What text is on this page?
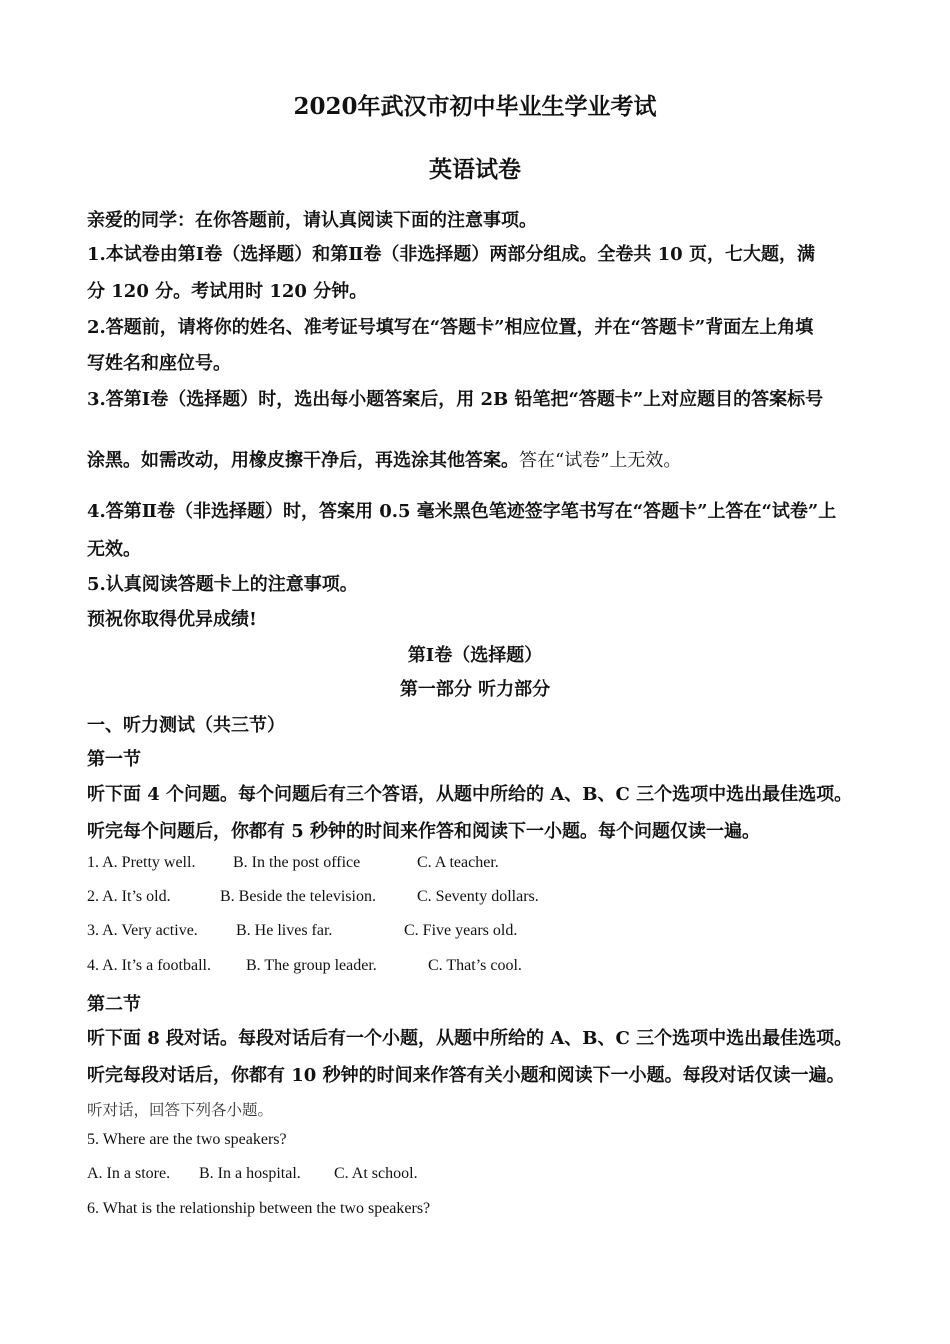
2020年武汉市初中毕业生学业考试
英语试卷
亲爱的同学：在你答题前，请认真阅读下面的注意事项。
1.本试卷由第Ⅰ卷（选择题）和第Ⅱ卷（非选择题）两部分组成。全卷共 10 页，七大题，满
分 120 分。考试用时 120 分钟。
2.答题前，请将你的姓名、准考证号填写在“答题卡”相应位置，并在“答题卡”背面左上角填
写姓名和座位号。
3.答第Ⅰ卷（选择题）时，选出每小题答案后，用 2B 铅笔把“答题卡”上对应题目的答案标号
涂黑。如需改动，用橡皮擦干净后，再选涂其他答案。答在“试卷”上无效。
4.答第Ⅱ卷（非选择题）时，答案用 0.5 毫米黑色笔迹签字笔书写在“答题卡”上答在“试卷”上
无效。
5.认真阅读答题卡上的注意事项。
预祝你取得优异成绩!
第Ⅰ卷（选择题）
第一部分 听力部分
一、听力测试（共三节）
第一节
听下面 4 个问题。每个问题后有三个答语，从题中所给的 A、B、C 三个选项中选出最佳选项。
听完每个问题后，你都有 5 秒钟的时间来作答和阅读下一小题。每个问题仅读一遍。
1. A. Pretty well. B. In the post office	C. A teacher.
2. A. It’s old.	B. Beside the television.	C. Seventy dollars.
3. A. Very active. B. He lives far.	C. Five years old.
4. A. It’s a football. B. The group leader.	C. That’s cool.
第二节
听下面 8 段对话。每段对话后有一个小题，从题中所给的 A、B、C 三个选项中选出最佳选项。
听完每段对话后，你都有 10 秒钟的时间来作答有关小题和阅读下一小题。每段对话仅读一遍。
听对话，回答下列各小题。
5. Where are the two speakers?
A. In a store. B. In a hospital. C. At school.
6. What is the relationship between the two speakers?
